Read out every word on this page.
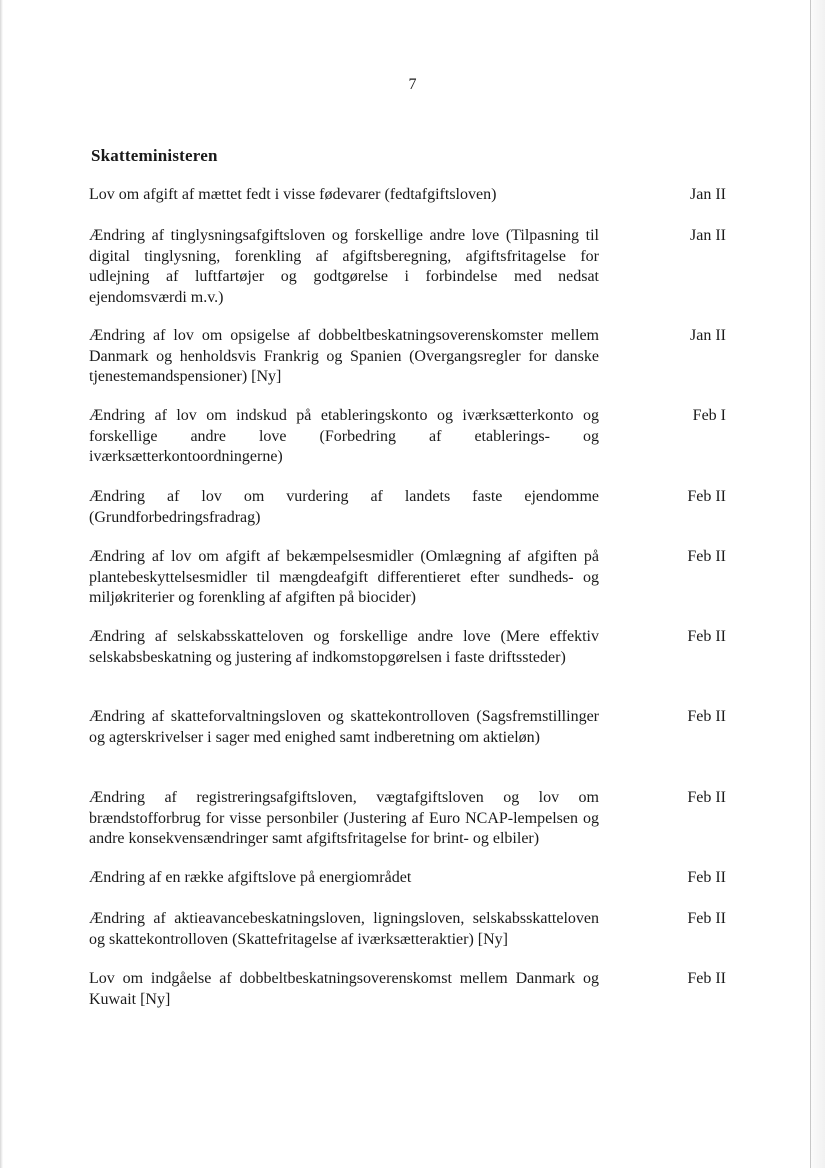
7
Skatteministeren
Lov om afgift af mættet fedt i visse fødevarer (fedtafgiftsloven)	Jan II
Ændring af tinglysningsafgiftsloven og forskellige andre love (Tilpasning til digital tinglysning, forenkling af afgiftsberegning, afgiftsfritagelse for udlejning af luftfartøjer og godtgørelse i forbindelse med nedsat ejendomsværdi m.v.)
Jan II
Ændring af lov om opsigelse af dobbeltbeskatningsoverenskomster mellem Danmark og henholdsvis Frankrig og Spanien (Overgangsregler for danske tjenestemandspensioner) [Ny]
Jan II
Ændring af lov om indskud på etableringskonto og iværksætterkonto og forskellige andre love (Forbedring af etablerings- og iværksætterkontoordningerne)
Feb I
Ændring af lov om vurdering af landets faste ejendomme (Grundforbedringsfradrag)
Feb II
Ændring af lov om afgift af bekæmpelsesmidler (Omlægning af afgiften på plantebeskyttelsesmidler til mængdeafgift differentieret efter sundheds- og miljøkriterier og forenkling af afgiften på biocider)
Feb II
Ændring af selskabsskatteloven og forskellige andre love (Mere effektiv selskabsbeskatning og justering af indkomstopgørelsen i faste driftssteder)
Feb II
Ændring af skatteforvaltningsloven og skattekontrolloven (Sagsfremstillinger og agterskrivelser i sager med enighed samt indberetning om aktieløn)
Feb II
Ændring af registreringsafgiftsloven, vægtafgiftsloven og lov om brændstofforbrug for visse personbiler (Justering af Euro NCAP-lempelsen og andre konsekvensændringer samt afgiftsfritagelse for brint- og elbiler)
Feb II
Ændring af en række afgiftslove på energiområdet	Feb II
Ændring af aktieavancebeskatningsloven, ligningsloven, selskabsskatteloven og skattekontrolloven (Skattefritagelse af iværksætteraktier) [Ny]
Feb II
Lov om indgåelse af dobbeltbeskatningsoverenskomst mellem Danmark og Kuwait [Ny]
Feb II
